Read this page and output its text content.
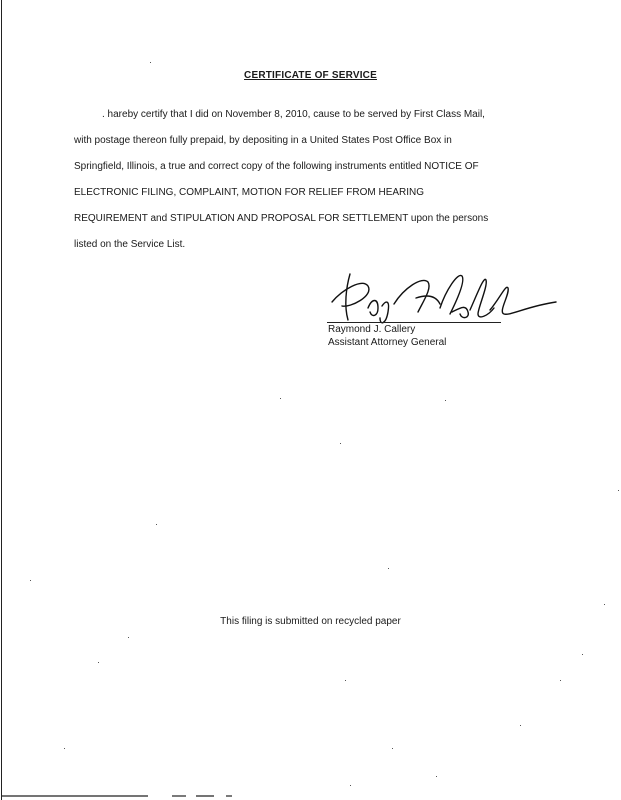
CERTIFICATE OF SERVICE
. hareby certify that I did on November 8, 2010, cause to be served by First Class Mail,
with postage thereon fully prepaid, by depositing in a United States Post Office Box in
Springfield, Illinois, a true and correct copy of the following instruments entitled NOTICE OF
ELECTRONIC FILING, COMPLAINT, MOTION FOR RELIEF FROM HEARING
REQUIREMENT and STIPULATION AND PROPOSAL FOR SETTLEMENT upon the persons
listed on the Service List.
Raymond J. Callery
Assistant Attorney General
This filing is submitted on recycled paper
